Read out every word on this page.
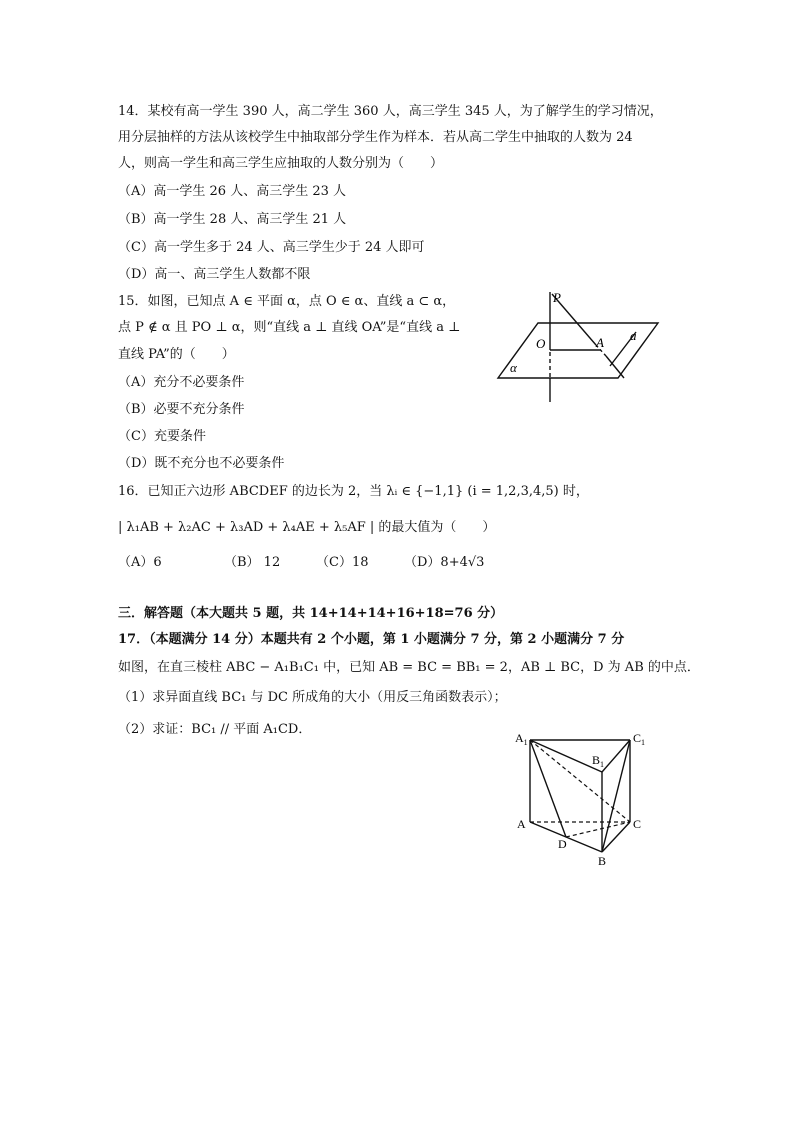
14．某校有高一学生 390 人，高二学生 360 人，高三学生 345 人，为了解学生的学习情况，
用分层抽样的方法从该校学生中抽取部分学生作为样本．若从高二学生中抽取的人数为 24
人，则高一学生和高三学生应抽取的人数分别为（　　）
（A）高一学生 26 人、高三学生 23 人
（B）高一学生 28 人、高三学生 21 人
（C）高一学生多于 24 人、高三学生少于 24 人即可
（D）高一、高三学生人数都不限
15．如图，已知点 A ∈ 平面 α，点 O ∈ α、直线 a ⊂ α，
点 P ∉ α 且 PO ⊥ α，则“直线 a ⊥ 直线 OA”是“直线 a ⊥
直线 PA”的（　　）
（A）充分不必要条件
（B）必要不充分条件
（C）充要条件
（D）既不充分也不必要条件
P
O	A a
α
16．已知正六边形 ABCDEF 的边长为 2，当 λᵢ ∈ {−1,1} (i = 1,2,3,4,5) 时，
| λ₁AB + λ₂AC + λ₃AD + λ₄AE + λ₅AF | 的最大值为（　　）
（A）6	（B） 12	（C）18	（D）8+4√3
三．解答题（本大题共 5 题，共 14+14+14+16+18=76 分）
17．（本题满分 14 分）本题共有 2 个小题，第 1 小题满分 7 分，第 2 小题满分 7 分
如图，在直三棱柱 ABC − A₁B₁C₁ 中，已知 AB = BC = BB₁ = 2，AB ⊥ BC，D 为 AB 的中点．
（1）求异面直线 BC₁ 与 DC 所成角的大小（用反三角函数表示）；
（2）求证：BC₁ // 平面 A₁CD．
$A_1$
$B_1$
$C_1$
A	C
B
D
